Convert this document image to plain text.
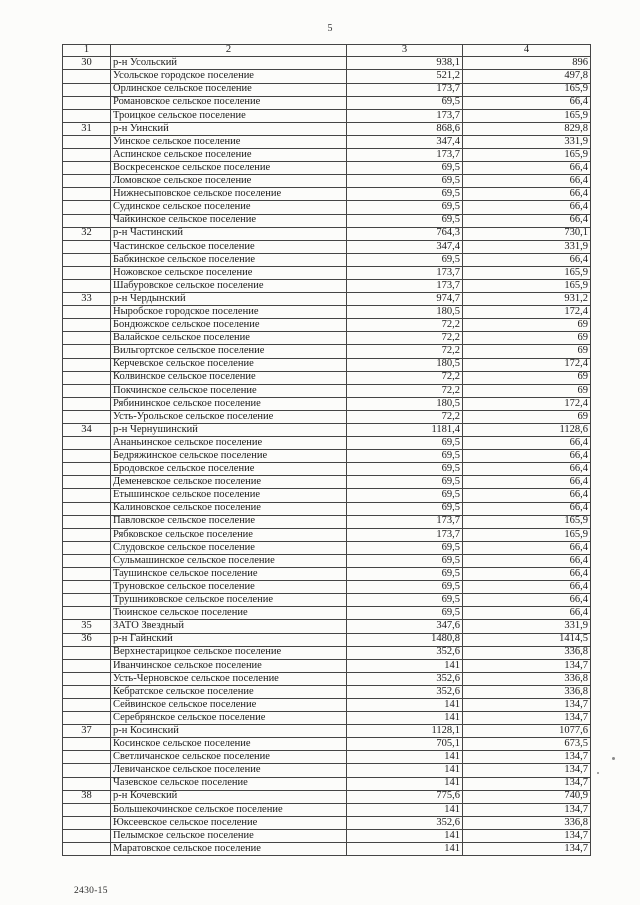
5
1	2	3	4
30	р-н Усольский	938,1	896
	Усольское городское поселение	521,2	497,8
	Орлинское сельское поселение	173,7	165,9
	Романовское сельское поселение	69,5	66,4
	Троицкое сельское поселение	173,7	165,9
31	р-н Уинский	868,6	829,8
	Уинское сельское поселение	347,4	331,9
	Аспинское сельское поселение	173,7	165,9
	Воскресенское сельское поселение	69,5	66,4
	Ломовское сельское поселение	69,5	66,4
	Нижнесыповское сельское поселение	69,5	66,4
	Судинское сельское поселение	69,5	66,4
	Чайкинское сельское поселение	69,5	66,4
32	р-н Частинский	764,3	730,1
	Частинское сельское поселение	347,4	331,9
	Бабкинское сельское поселение	69,5	66,4
	Ножовское сельское поселение	173,7	165,9
	Шабуровское сельское поселение	173,7	165,9
33	р-н Чердынский	974,7	931,2
	Ныробское городское поселение	180,5	172,4
	Бондюжское сельское поселение	72,2	69
	Валайское сельское поселение	72,2	69
	Вильгортское сельское поселение	72,2	69
	Керчевское сельское поселение	180,5	172,4
	Колвинское сельское поселение	72,2	69
	Покчинское сельское поселение	72,2	69
	Рябининское сельское поселение	180,5	172,4
	Усть-Урольское сельское поселение	72,2	69
34	р-н Чернушинский	1181,4	1128,6
	Ананьинское сельское поселение	69,5	66,4
	Бедряжинское сельское поселение	69,5	66,4
	Бродовское сельское поселение	69,5	66,4
	Деменевское сельское поселение	69,5	66,4
	Етышинское сельское поселение	69,5	66,4
	Калиновское сельское поселение	69,5	66,4
	Павловское сельское поселение	173,7	165,9
	Рябковское сельское поселение	173,7	165,9
	Слудовское сельское поселение	69,5	66,4
	Сульмашинское сельское поселение	69,5	66,4
	Таушинское сельское поселение	69,5	66,4
	Труновское сельское поселение	69,5	66,4
	Трушниковское сельское поселение	69,5	66,4
	Тюинское сельское поселение	69,5	66,4
35	ЗАТО Звездный	347,6	331,9
36	р-н Гайнский	1480,8	1414,5
	Верхнестарицкое сельское поселение	352,6	336,8
	Иванчинское сельское поселение	141	134,7
	Усть-Черновское сельское поселение	352,6	336,8
	Кебратское сельское поселение	352,6	336,8
	Сейвинское сельское поселение	141	134,7
	Серебрянское сельское поселение	141	134,7
37	р-н Косинский	1128,1	1077,6
	Косинское сельское поселение	705,1	673,5
	Светличанское сельское поселение	141	134,7
	Левичанское сельское поселение	141	134,7
	Чазевское сельское поселение	141	134,7
38	р-н Кочевский	775,6	740,9
	Большекочинское сельское поселение	141	134,7
	Юксеевское сельское поселение	352,6	336,8
	Пелымское сельское поселение	141	134,7
	Маратовское сельское поселение	141	134,7
2430-15
